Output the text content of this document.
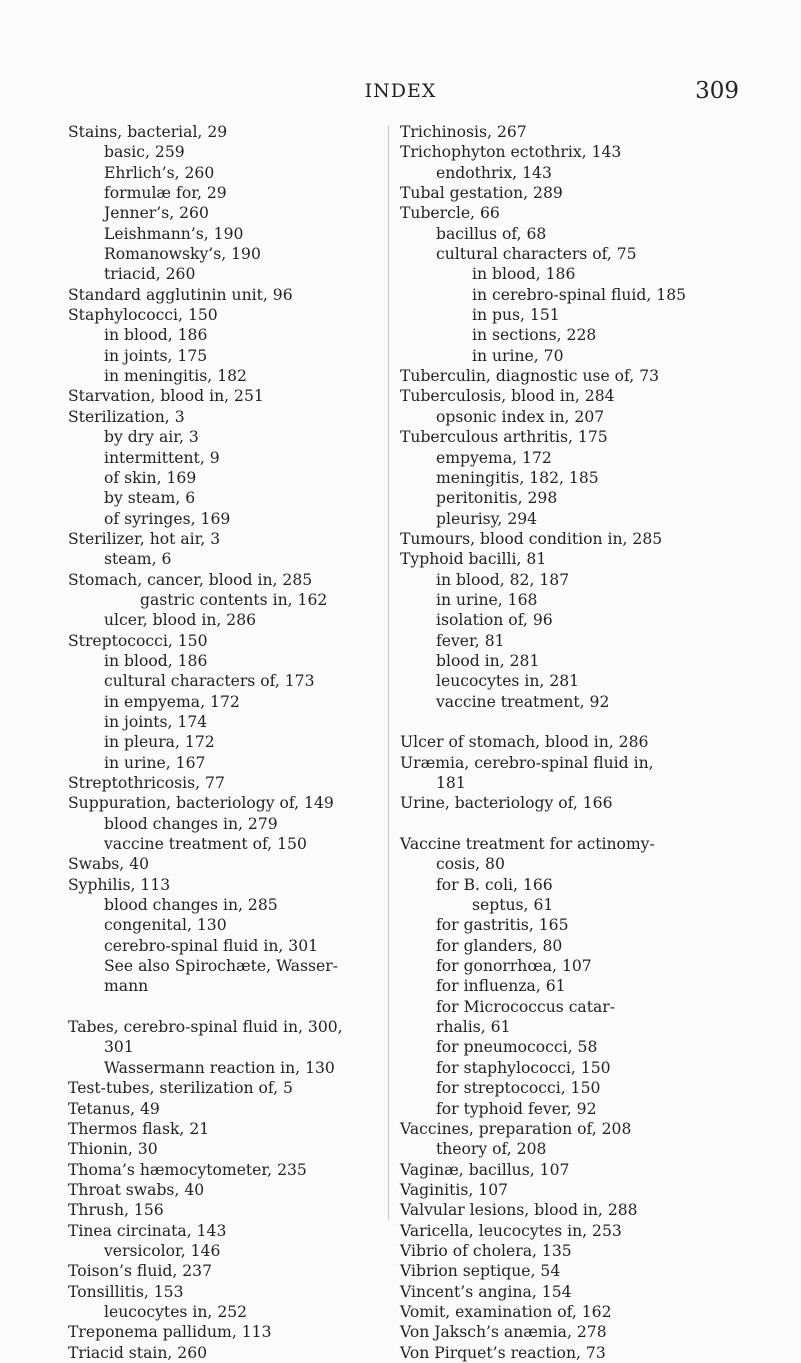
INDEX	309
Stains, bacterial, 29
basic, 259
Ehrlich’s, 260
formulæ for, 29
Jenner’s, 260
Leishmann’s, 190
Romanowsky’s, 190
triacid, 260
Standard agglutinin unit, 96
Staphylococci, 150
in blood, 186
in joints, 175
in meningitis, 182
Starvation, blood in, 251
Sterilization, 3
by dry air, 3
intermittent, 9
of skin, 169
by steam, 6
of syringes, 169
Sterilizer, hot air, 3
steam, 6
Stomach, cancer, blood in, 285
gastric contents in, 162
ulcer, blood in, 286
Streptococci, 150
in blood, 186
cultural characters of, 173
in empyema, 172
in joints, 174
in pleura, 172
in urine, 167
Streptothricosis, 77
Suppuration, bacteriology of, 149
blood changes in, 279
vaccine treatment of, 150
Swabs, 40
Syphilis, 113
blood changes in, 285
congenital, 130
cerebro-spinal fluid in, 301
See also Spirochæte, Wasser-
mann
Tabes, cerebro-spinal fluid in, 300,
301
Wassermann reaction in, 130
Test-tubes, sterilization of, 5
Tetanus, 49
Thermos flask, 21
Thionin, 30
Thoma’s hæmocytometer, 235
Throat swabs, 40
Thrush, 156
Tinea circinata, 143
versicolor, 146
Toison’s fluid, 237
Tonsillitis, 153
leucocytes in, 252
Treponema pallidum, 113
Triacid stain, 260
Trichinosis, 267
Trichophyton ectothrix, 143
endothrix, 143
Tubal gestation, 289
Tubercle, 66
bacillus of, 68
cultural characters of, 75
in blood, 186
in cerebro-spinal fluid, 185
in pus, 151
in sections, 228
in urine, 70
Tuberculin, diagnostic use of, 73
Tuberculosis, blood in, 284
opsonic index in, 207
Tuberculous arthritis, 175
empyema, 172
meningitis, 182, 185
peritonitis, 298
pleurisy, 294
Tumours, blood condition in, 285
Typhoid bacilli, 81
in blood, 82, 187
in urine, 168
isolation of, 96
fever, 81
blood in, 281
leucocytes in, 281
vaccine treatment, 92
Ulcer of stomach, blood in, 286
Uræmia, cerebro-spinal fluid in,
181
Urine, bacteriology of, 166
Vaccine treatment for actinomy-
cosis, 80
for B. coli, 166
septus, 61
for gastritis, 165
for glanders, 80
for gonorrhœa, 107
for influenza, 61
for Micrococcus catar-
rhalis, 61
for pneumococci, 58
for staphylococci, 150
for streptococci, 150
for typhoid fever, 92
Vaccines, preparation of, 208
theory of, 208
Vaginæ, bacillus, 107
Vaginitis, 107
Valvular lesions, blood in, 288
Varicella, leucocytes in, 253
Vibrio of cholera, 135
Vibrion septique, 54
Vincent’s angina, 154
Vomit, examination of, 162
Von Jaksch’s anæmia, 278
Von Pirquet’s reaction, 73
